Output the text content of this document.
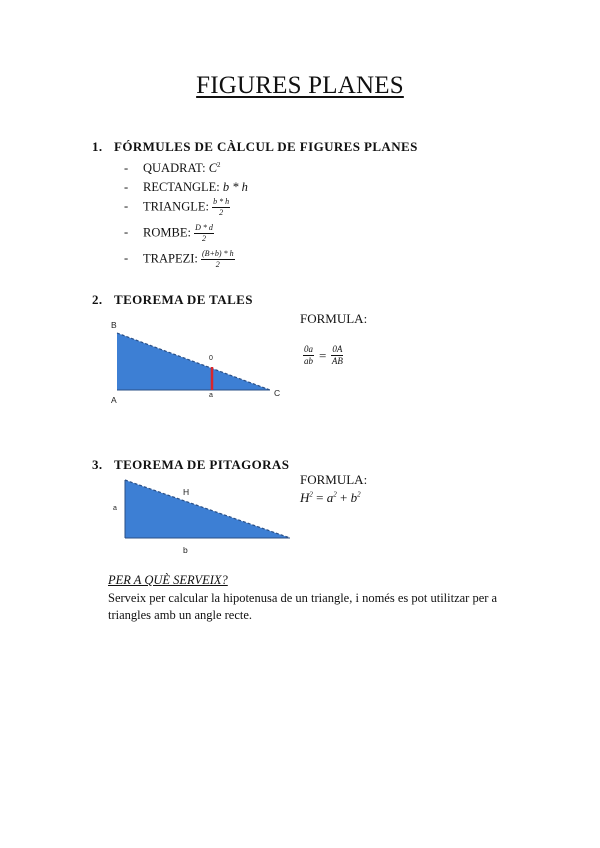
FIGURES PLANES
1. FÓRMULES DE CÀLCUL DE FIGURES PLANES
- QUADRAT: $C^2$
- RECTANGLE: b * h
- TRIANGLE: $\frac{b * h}{2}$
- ROMBE: $\frac{D * d}{2}$
- TRAPEZI: $\frac{(B+b) * h}{2}$
2. TEOREMA DE TALES
B
A
C
0
a
FORMULA:
$\frac{0a}{ab} = \frac{0A}{AB}$
3. TEOREMA DE PITAGORAS
H
a
b
FORMULA:
$H^2 = a^2 + b^2$
PER A QUÈ SERVEIX?
Serveix per calcular la hipotenusa de un triangle, i només es pot utilitzar per a triangles amb un angle recte.
